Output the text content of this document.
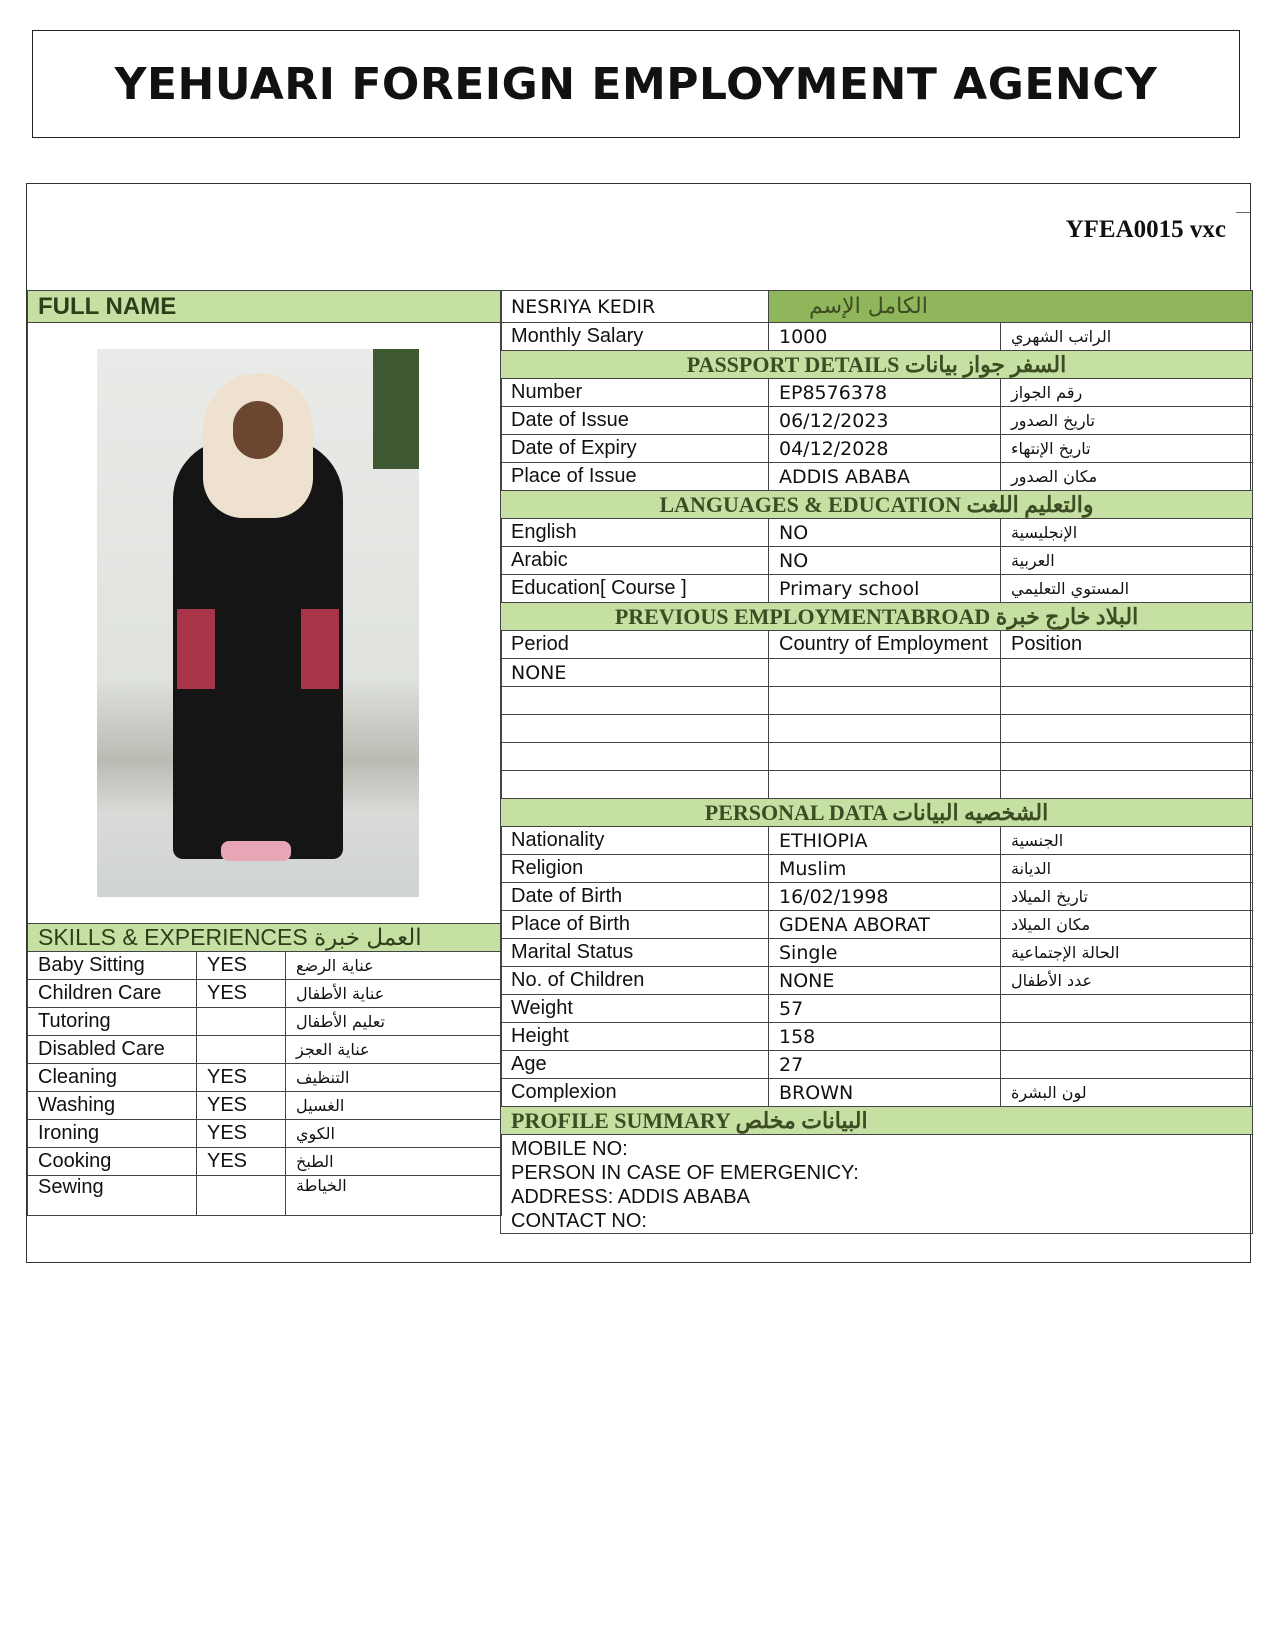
YEHUARI FOREIGN EMPLOYMENT AGENCY
YFEA0015 vxc
FULL NAME		

SKILLS & EXPERIENCES العمل خبرة		
Baby Sitting	YES	عناية الرضع
Children Care	YES	عناية الأطفال
Tutoring		تعليم الأطفال
Disabled Care		عناية العجز
Cleaning	YES	التنظيف
Washing	YES	الغسيل
Ironing	YES	الكوي
Cooking	YES	الطبخ
Sewing		الخياطة
NESRIYA KEDIR	الكامل الإسم	
Monthly Salary	1000	الراتب الشهري
PASSPORT DETAILS السفر جواز بيانات		
Number	EP8576378	رقم الجواز
Date of Issue	06/12/2023	تاريخ الصدور
Date of Expiry	04/12/2028	تاريخ الإنتهاء
Place of Issue	ADDIS ABABA	مكان الصدور
LANGUAGES & EDUCATION والتعليم اللغت		
English	NO	الإنجليسية
Arabic	NO	العربية
Education[ Course ]	Primary school	المستوي التعليمي
PREVIOUS EMPLOYMENTABROAD البلاد خارج خبرة		
Period	Country of Employment	Position
NONE		

PERSONAL DATA الشخصيه البيانات		
Nationality	ETHIOPIA	الجنسية
Religion	Muslim	الديانة
Date of Birth	16/02/1998	تاريخ الميلاد
Place of Birth	GDENA ABORAT	مكان الميلاد
Marital Status	Single	الحالة الإجتماعية
No. of Children	NONE	عدد الأطفال
Weight	57	
Height	158	
Age	27	
Complexion	BROWN	لون البشرة
PROFILE SUMMARY البيانات مخلص		

MOBILE NO:
PERSON IN CASE OF EMERGENICY:
ADDRESS: ADDIS ABABA
CONTACT NO:		
